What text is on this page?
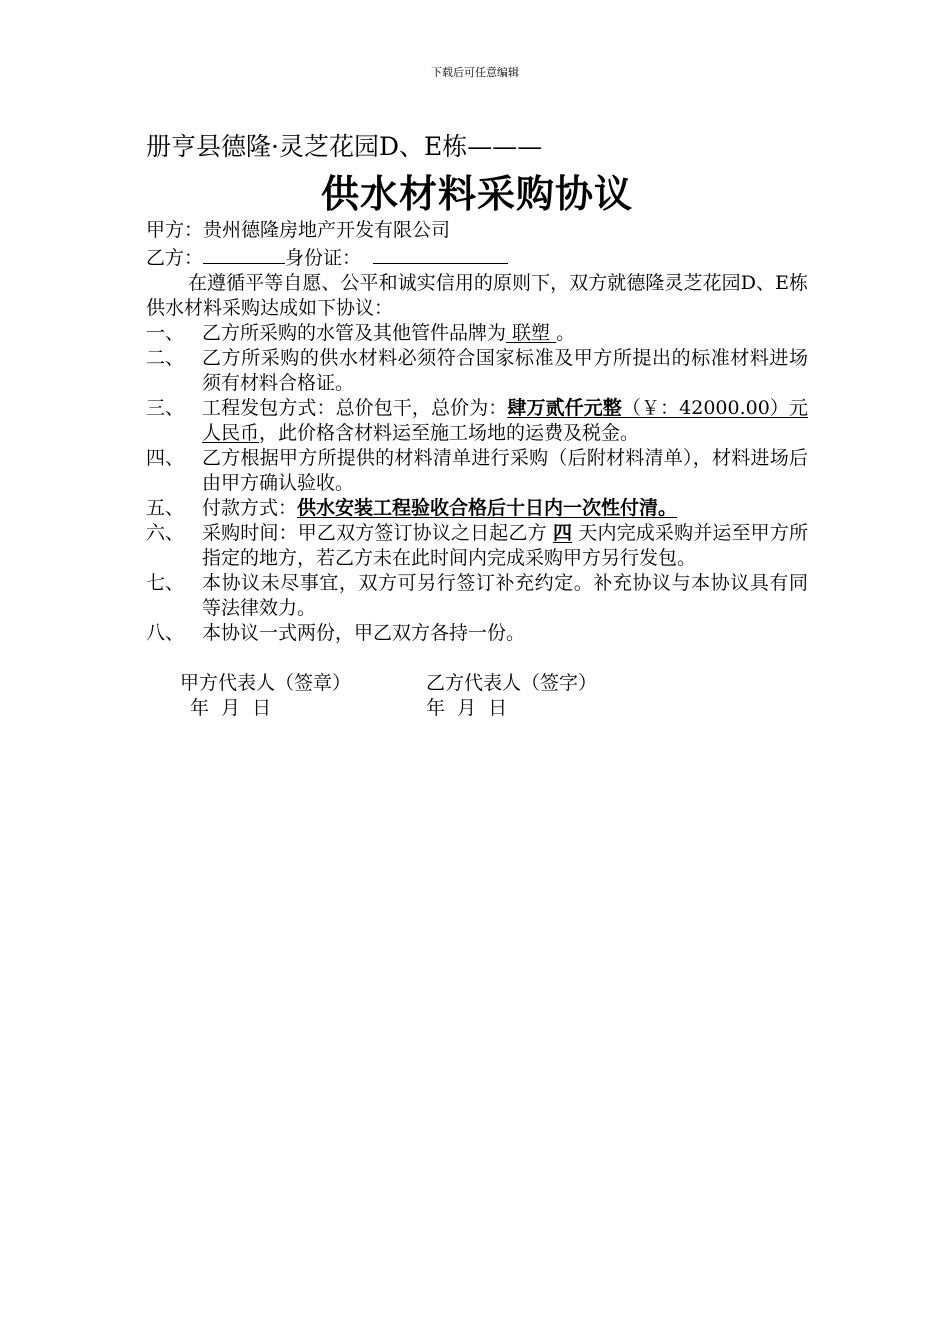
下载后可任意编辑

册亨县德隆·灵芝花园D、E栋———

供水材料采购协议

甲方：贵州德隆房地产开发有限公司

乙方：	身份证：

在遵循平等自愿、公平和诚实信用的原则下，双方就德隆灵芝花园D、E栋供水材料采购达成如下协议：

一、 乙方所采购的水管及其他管件品牌为 联塑 。
二、 乙方所采购的供水材料必须符合国家标准及甲方所提出的标准材料进场须有材料合格证。
三、 工程发包方式：总价包干，总价为：肆万贰仟元整（￥：42000.00）元人民币，此价格含材料运至施工场地的运费及税金。
四、 乙方根据甲方所提供的材料清单进行采购（后附材料清单），材料进场后由甲方确认验收。
五、 付款方式：供水安装工程验收合格后十日内一次性付清。
六、 采购时间：甲乙双方签订协议之日起乙方 四 天内完成采购并运至甲方所指定的地方，若乙方未在此时间内完成采购甲方另行发包。
七、 本协议未尽事宜，双方可另行签订补充约定。补充协议与本协议具有同等法律效力。
八、 本协议一式两份，甲乙双方各持一份。
甲方代表人（签章）	乙方代表人（签字）
年  月  日	年  月  日
